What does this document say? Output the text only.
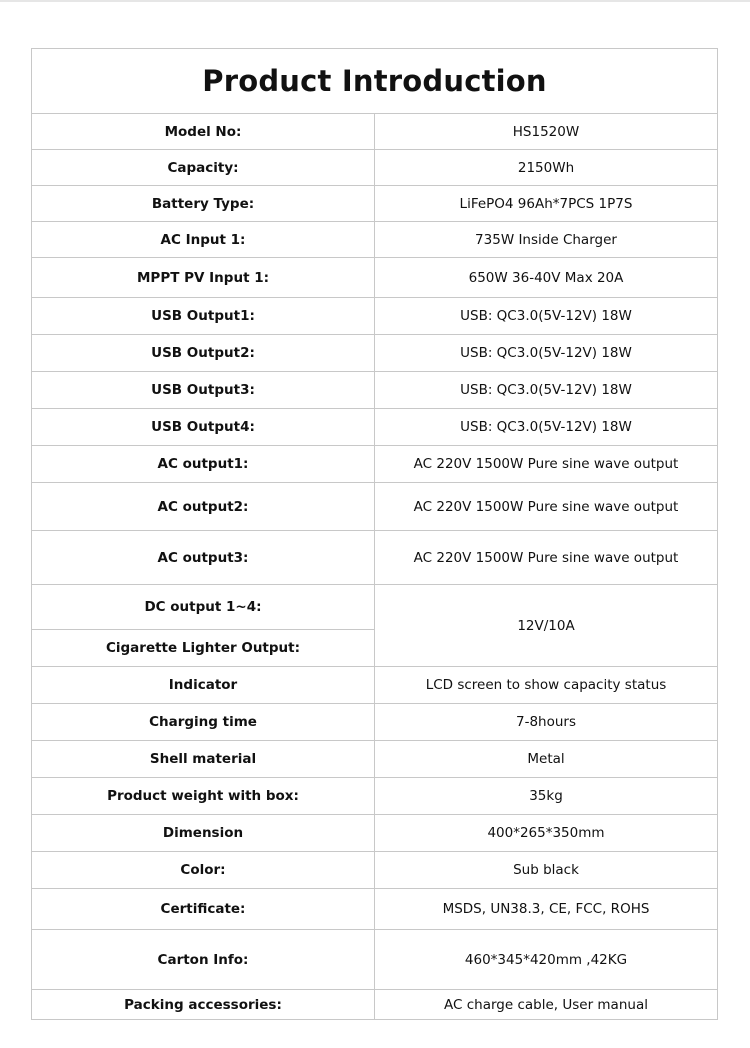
Product Introduction	
Model No:	HS1520W
Capacity:	2150Wh
Battery Type:	LiFePO4 96Ah*7PCS 1P7S
AC Input 1:	735W Inside Charger
MPPT PV Input 1:	650W 36-40V Max 20A
USB Output1:	USB: QC3.0(5V-12V) 18W
USB Output2:	USB: QC3.0(5V-12V) 18W
USB Output3:	USB: QC3.0(5V-12V) 18W
USB Output4:	USB: QC3.0(5V-12V) 18W
AC output1:	AC 220V 1500W Pure sine wave output
AC output2:	AC 220V 1500W Pure sine wave output
AC output3:	AC 220V 1500W Pure sine wave output
DC output 1~4:	12V/10A
Cigarette Lighter Output:	
Indicator	LCD screen to show capacity status
Charging time	7-8hours
Shell material	Metal
Product weight with box:	35kg
Dimension	400*265*350mm
Color:	Sub black
Certificate:	MSDS, UN38.3, CE, FCC, ROHS
Carton Info:	460*345*420mm ,42KG
Packing accessories:	AC charge cable, User manual
